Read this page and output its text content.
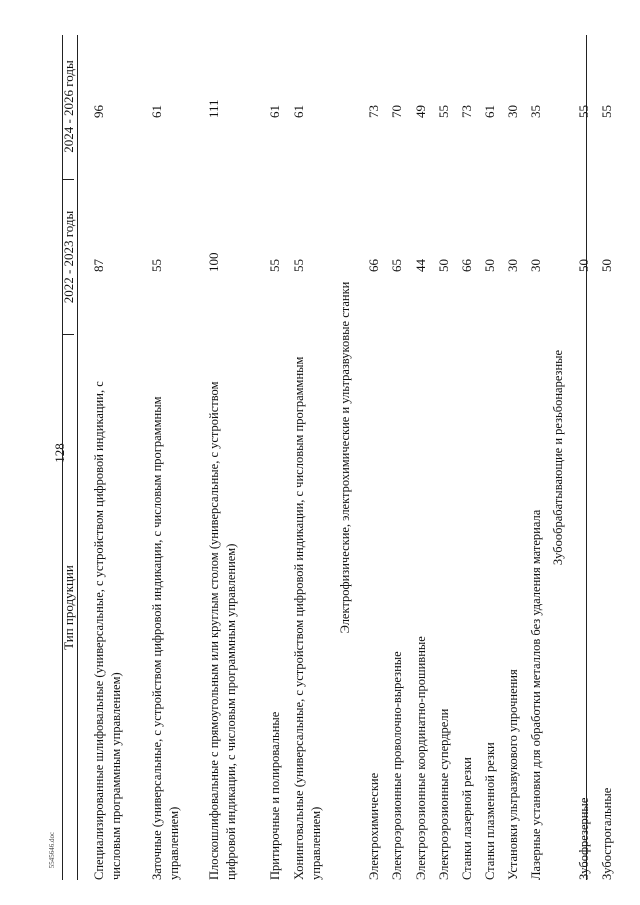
128
5545646.doc
Тип продукции
2022 - 2023 годы
2024 - 2026 годы
Специализированные шлифовальные (универсальные, с устройством цифровой индикации, с числовым программным управлением)
87
96
Заточные (универсальные, с устройством цифровой индикации, с числовым программным управлением)
55
61
Плоскошлифовальные с прямоугольным или круглым столом (универсальные, с устройством цифровой индикации, с числовым программным управлением)
100
111
Притирочные и полировальные
55
61
Хонинговальные (универсальные, с устройством цифровой индикации, с числовым программным управлением)
55
61
Электрофизические, электрохимические и ультразвуковые станки
Электрохимические
66
73
Электроэрозионные проволочно-вырезные
65
70
Электроэрозионные координатно-прошивные
44
49
Электроэрозионные супердрели
50
55
Станки лазерной резки
66
73
Станки плазменной резки
50
61
Установки ультразвукового упрочнения
30
30
Лазерные установки для обработки металлов без удаления материала
30
35
Зубообрабатывающие и резьбонарезные
Зубофрезерные
50
55
Зубострогальные
50
55
